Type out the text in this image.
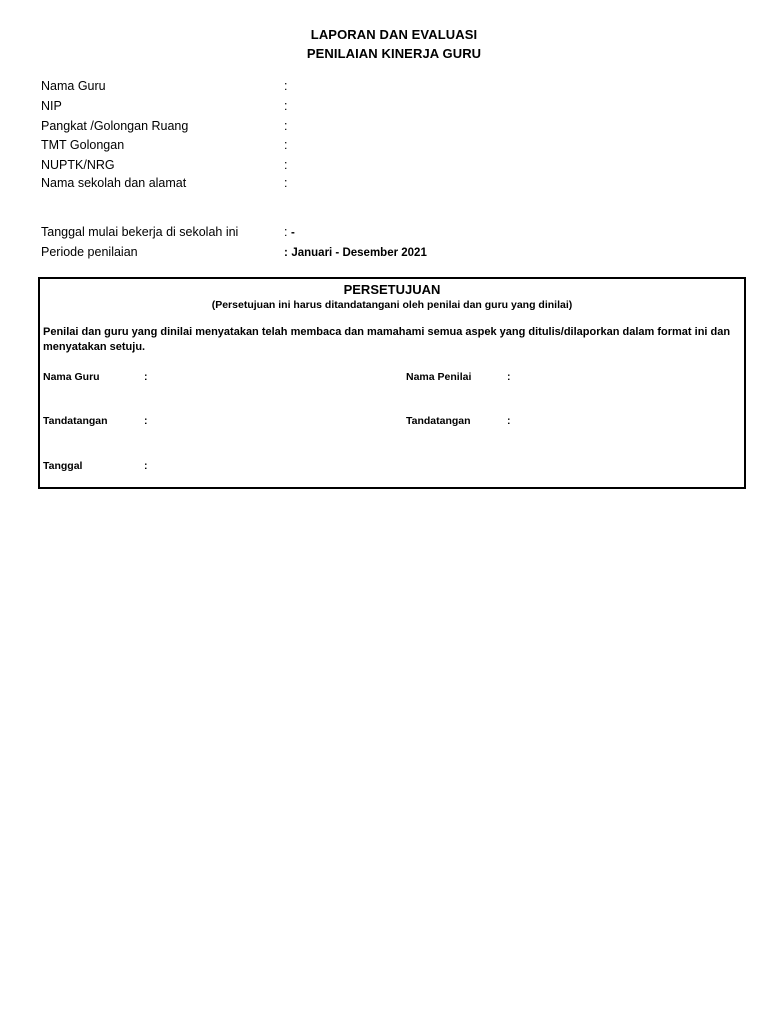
LAPORAN DAN EVALUASI
PENILAIAN KINERJA GURU
Nama Guru	:
NIP	:
Pangkat /Golongan Ruang	:
TMT Golongan	:
NUPTK/NRG	:
Nama sekolah dan alamat	:
Tanggal mulai bekerja di sekolah ini	: -
Periode penilaian	: Januari - Desember 2021
PERSETUJUAN
(Persetujuan ini harus ditandatangani oleh penilai dan guru yang dinilai)
Penilai dan guru yang dinilai menyatakan telah membaca dan mamahami semua aspek yang ditulis/dilaporkan dalam format ini dan menyatakan setuju.
Nama Guru	:	Nama Penilai	:
Tandatangan	:	Tandatangan	:
Tanggal	:
